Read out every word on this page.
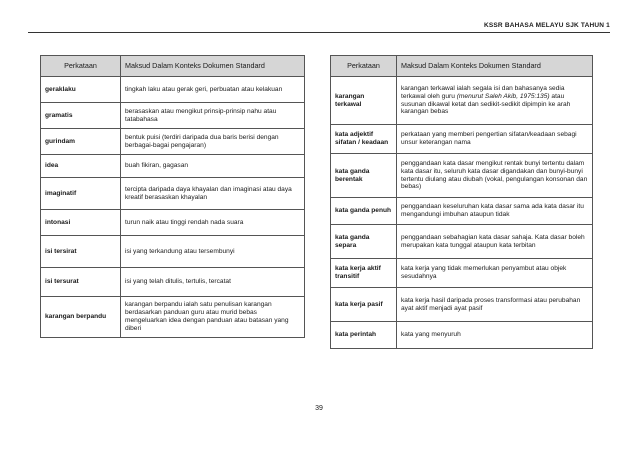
KSSR BAHASA MELAYU SJK TAHUN 1
Perkataan	Maksud Dalam Konteks Dokumen Standard
geraklaku	tingkah laku atau gerak geri, perbuatan atau kelakuan
gramatis	berasaskan atau mengikut prinsip-prinsip nahu atau tatabahasa
gurindam	bentuk puisi (terdiri daripada dua baris berisi dengan berbagai-bagai pengajaran)
idea	buah fikiran, gagasan
imaginatif	tercipta daripada daya khayalan dan imaginasi atau daya kreatif berasaskan khayalan
intonasi	turun naik atau tinggi rendah nada suara
isi tersirat	isi yang terkandung atau tersembunyi
isi tersurat	isi yang telah ditulis, tertulis, tercatat
karangan berpandu	karangan berpandu ialah satu penulisan karangan berdasarkan panduan guru atau murid bebas mengeluarkan idea dengan panduan atau batasan yang diberi
Perkataan	Maksud Dalam Konteks Dokumen Standard
karangan terkawal	karangan terkawal ialah segala isi dan bahasanya sedia terkawal oleh guru (menurut Saleh Akib, 1975:135) atau susunan dikawal ketat dan sedikit-sedikit dipimpin ke arah karangan bebas
kata adjektif sifatan / keadaan	perkataan yang memberi pengertian sifatan/keadaan sebagi unsur keterangan nama
kata ganda berentak	penggandaan kata dasar mengikut rentak bunyi tertentu dalam kata dasar itu, seluruh kata dasar digandakan dan bunyi-bunyi tertentu diulang atau diubah (vokal, pengulangan konsonan dan bebas)
kata ganda penuh	penggandaan keseluruhan kata dasar sama ada kata dasar itu mengandungi imbuhan ataupun tidak
kata ganda separa	penggandaan sebahagian kata dasar sahaja. Kata dasar boleh merupakan kata tunggal ataupun kata terbitan
kata kerja aktif transitif	kata kerja yang tidak memerlukan penyambut atau objek sesudahnya
kata kerja pasif	kata kerja hasil daripada proses transformasi atau perubahan ayat aktif menjadi ayat pasif
kata perintah	kata yang menyuruh
39
